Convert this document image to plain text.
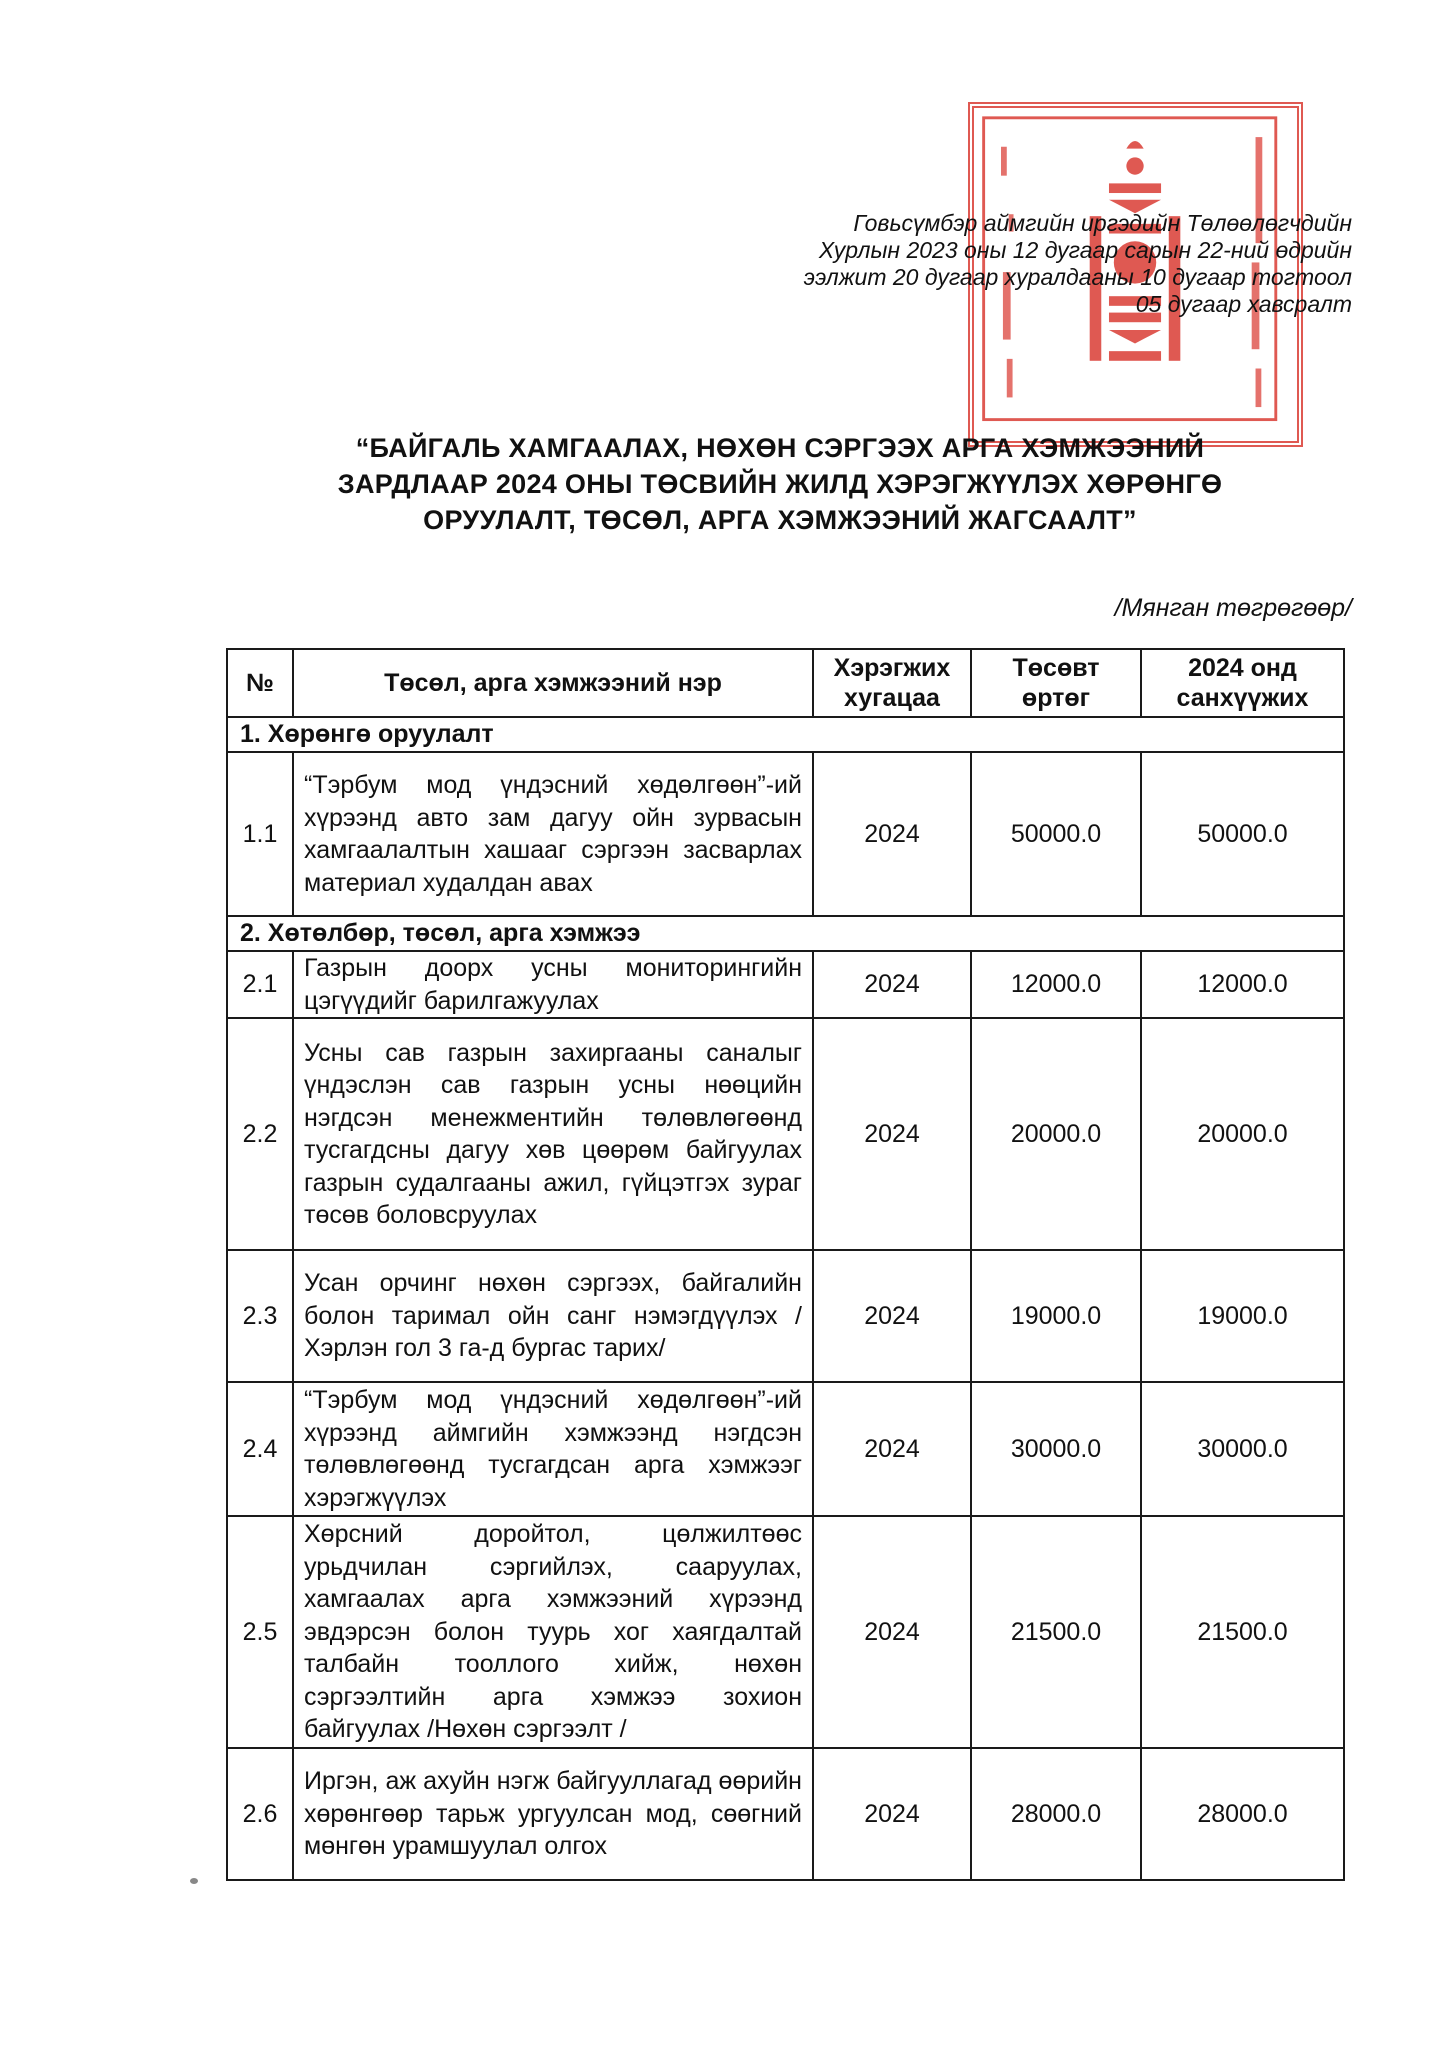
Говьсүмбэр аймгийн иргэдийн Төлөөлөгчдийн
Хурлын 2023 оны 12 дугаар сарын 22-ний өдрийн
ээлжит 20 дугаар хуралдааны 10 дугаар тогтоол
05 дугаар хавсралт
“БАЙГАЛЬ ХАМГААЛАХ, НӨХӨН СЭРГЭЭХ АРГА ХЭМЖЭЭНИЙ
ЗАРДЛААР 2024 ОНЫ ТӨСВИЙН ЖИЛД ХЭРЭГЖҮҮЛЭХ ХӨРӨНГӨ
ОРУУЛАЛТ, ТӨСӨЛ, АРГА ХЭМЖЭЭНИЙ ЖАГСААЛТ”
/Мянган төгрөгөөр/
№	Төсөл, арга хэмжээний нэр	Хэрэгжих хугацаа	Төсөвт өртөг	2024 онд санхүүжих
1. Хөрөнгө оруулалт				
1.1	“Тэрбум мод үндэсний хөдөлгөөн”-ий хүрээнд авто зам дагуу ойн зурвасын хамгаалалтын хашааг сэргээн засварлах материал худалдан авах	2024	50000.0	50000.0
2. Хөтөлбөр, төсөл, арга хэмжээ				
2.1	Газрын доорх усны мониторингийн цэгүүдийг барилгажуулах	2024	12000.0	12000.0
2.2	Усны сав газрын захиргааны саналыг үндэслэн сав газрын усны нөөцийн нэгдсэн менежментийн төлөвлөгөөнд тусгагдсны дагуу хөв цөөрөм байгуулах газрын судалгааны ажил, гүйцэтгэх зураг төсөв боловсруулах	2024	20000.0	20000.0
2.3	Усан орчинг нөхөн сэргээх, байгалийн болон таримал ойн санг нэмэгдүүлэх /Хэрлэн гол 3 га-д бургас тарих/	2024	19000.0	19000.0
2.4	“Тэрбум мод үндэсний хөдөлгөөн”-ий хүрээнд аймгийн хэмжээнд нэгдсэн төлөвлөгөөнд тусгагдсан арга хэмжээг хэрэгжүүлэх	2024	30000.0	30000.0
2.5	Хөрсний доройтол, цөлжилтөөс урьдчилан сэргийлэх, сааруулах, хамгаалах арга хэмжээний хүрээнд эвдэрсэн болон туурь хог хаягдалтай талбайн тооллого хийж, нөхөн сэргээлтийн арга хэмжээ зохион байгуулах /Нөхөн сэргээлт /	2024	21500.0	21500.0
2.6	Иргэн, аж ахуйн нэгж байгууллагад өөрийн хөрөнгөөр тарьж ургуулсан мод, сөөгний мөнгөн урамшуулал олгох	2024	28000.0	28000.0
